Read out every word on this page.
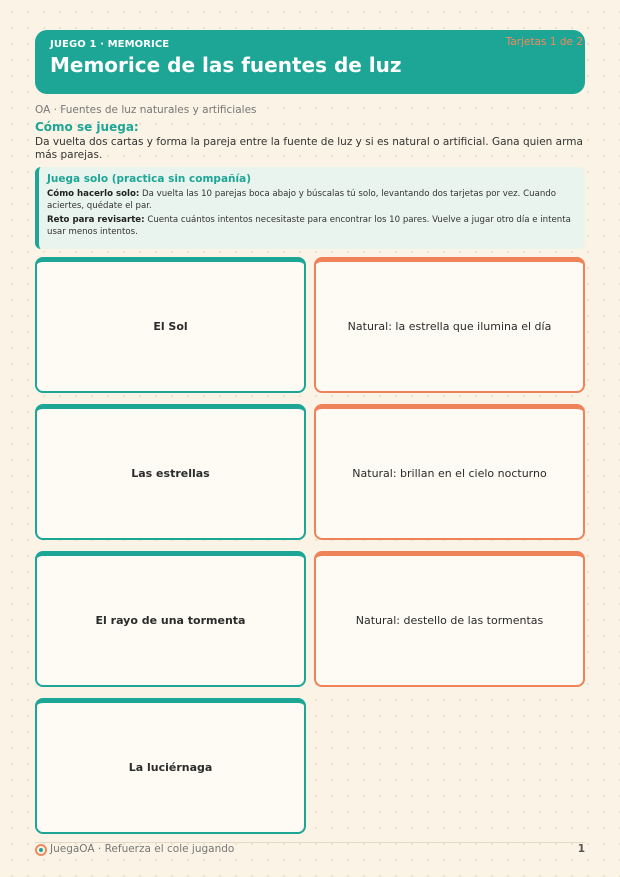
JUEGO 1 · MEMORICE
Memorice de las fuentes de luz
Tarjetas 1 de 2
OA · Fuentes de luz naturales y artificiales
Cómo se juega:
Da vuelta dos cartas y forma la pareja entre la fuente de luz y si es natural o artificial. Gana quien arma más parejas.
Juega solo (practica sin compañía)

Cómo hacerlo solo: Da vuelta las 10 parejas boca abajo y búscalas tú solo, levantando dos tarjetas por vez. Cuando aciertes, quédate el par.

Reto para revisarte: Cuenta cuántos intentos necesitaste para encontrar los 10 pares. Vuelve a jugar otro día e intenta usar menos intentos.

El Sol	Natural: la estrella que ilumina el día
Las estrellas	Natural: brillan en el cielo nocturno
El rayo de una tormenta	Natural: destello de las tormentas
La luciérnaga
JuegaOA · Refuerza el cole jugando	1
